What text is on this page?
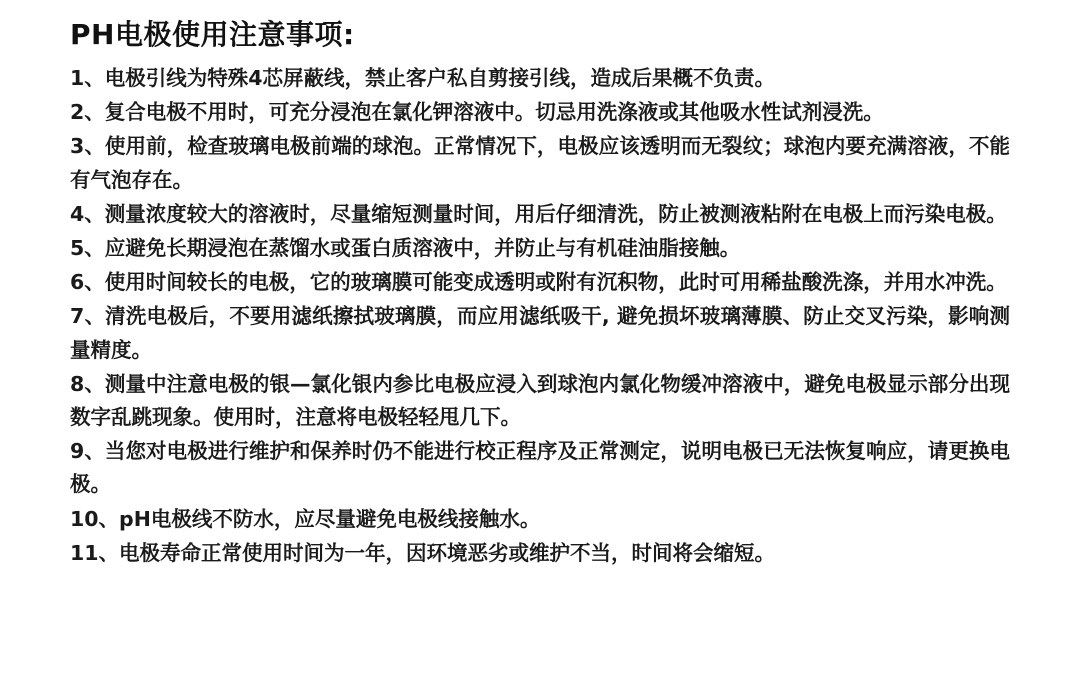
PH电极使用注意事项:
1、电极引线为特殊4芯屏蔽线，禁止客户私自剪接引线，造成后果概不负责。
2、复合电极不用时，可充分浸泡在氯化钾溶液中。切忌用洗涤液或其他吸水性试剂浸洗。
3、使用前，检查玻璃电极前端的球泡。正常情况下，电极应该透明而无裂纹；球泡内要充满溶液，不能有气泡存在。
4、测量浓度较大的溶液时，尽量缩短测量时间，用后仔细清洗，防止被测液粘附在电极上而污染电极。
5、应避免长期浸泡在蒸馏水或蛋白质溶液中，并防止与有机硅油脂接触。
6、使用时间较长的电极，它的玻璃膜可能变成透明或附有沉积物，此时可用稀盐酸洗涤，并用水冲洗。
7、清洗电极后，不要用滤纸擦拭玻璃膜，而应用滤纸吸干, 避免损坏玻璃薄膜、防止交叉污染，影响测量精度。
8、测量中注意电极的银—氯化银内参比电极应浸入到球泡内氯化物缓冲溶液中，避免电极显示部分出现数字乱跳现象。使用时，注意将电极轻轻甩几下。
9、当您对电极进行维护和保养时仍不能进行校正程序及正常测定，说明电极已无法恢复响应，请更换电极。
10、pH电极线不防水，应尽量避免电极线接触水。
11、电极寿命正常使用时间为一年，因环境恶劣或维护不当，时间将会缩短。
